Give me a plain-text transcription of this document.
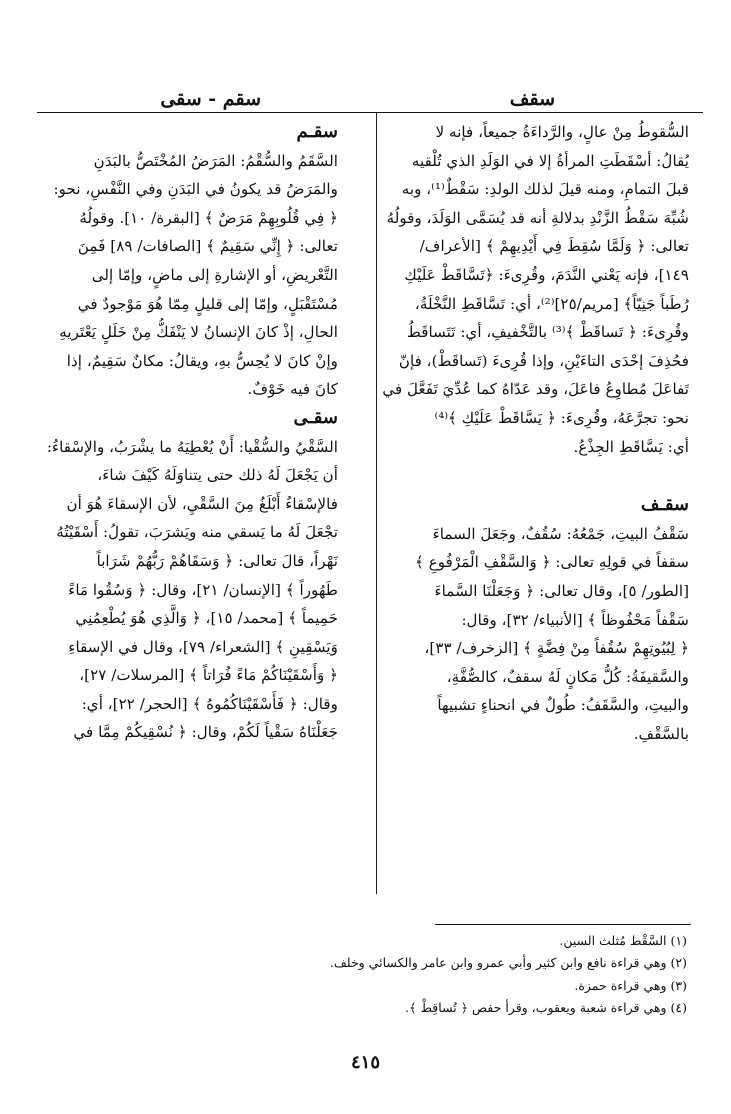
سقف
سقم - سقى
السُّقوطُ مِنْ عالٍ، والرَّداءَةُ جميعاً، فإنه لا
يُقالُ: أسْقَطَتِ المرأةُ إلا في الوَلَدِ الذي تُلْقيه
قبلَ التمامِ، ومنه قيلَ لذلك الولدِ: سَقْطٌ⁽¹⁾، وبه
شُبِّهَ سَقْطُ الزَّنْدِ بدلالةِ أنه قد يُسَمَّى الوَلَدَ، وقولُهُ
تعالى: ﴿ وَلَمَّا سُقِطَ فِي أَيْدِيهِمْ ﴾ [الأعراف/
١٤٩]، فإنه يَعْني النَّدَمَ، وقُرِىءَ: ﴿تَسَّاقَطْ عَلَيْكِ
رُطَباً جَنِيّاً﴾ [مريم/٢٥]⁽²⁾، أي: تَسَّاقَطِ النَّخْلَةُ،
وقُرِىءَ: ﴿ تَساقَطْ ﴾⁽³⁾ بالتَّخْفيفِ، أي: تَتَساقَطُ
فحُذِفَ إحْدَى التاءَيْنِ، وإذا قُرِىءَ (تَساقَطْ)، فإنّ
تَفاعَلَ مُطاوِعُ فاعَلَ، وقد عَدّاهُ كما عُدِّيَ تَفَعَّلَ في
نحو: تجرَّعَهُ، وقُرِىءَ: ﴿ يَسَّاقَطْ عَلَيْكِ ﴾⁽⁴⁾
أي: يَسَّاقَطِ الجِذْعُ.
سقـف
سَقْفُ البيتِ، جَمْعُهُ: سُقُفٌ، وجَعَلَ السماءَ
سقفاً في قولِهِ تعالى: ﴿ وَالسَّقْفِ الْمَرْفُوعِ ﴾
[الطور/ ٥]، وقال تعالى: ﴿ وَجَعَلْنَا السَّماءَ
سَقْفاً مَحْفُوظاً ﴾ [الأنبياء/ ٣٢]، وقال:
﴿ لِبُيُوتِهِمْ سُقُفاً مِنْ فِضَّةٍ ﴾ [الزخرف/ ٣٣]،
والسَّقيفَةُ: كُلُّ مَكانٍ لَهُ سقفٌ، كالصُّفَّةِ،
والبيتِ، والسَّقَفُ: طُولٌ في انحناءٍ تشبيهاً
بالسَّقْفِ.
سقـم
السَّقَمُ والسُّقْمُ: المَرَضُ المُخْتَصُّ بالبَدَنِ
والمَرَضُ قد يكونُ في البَدَنِ وفي النَّفْسِ، نحو:
﴿ فِي قُلُوبِهِمْ مَرَضٌ ﴾ [البقرة/ ١٠]. وقولُهُ
تعالى: ﴿ إِنِّي سَقِيمٌ ﴾ [الصافات/ ٨٩] فَمِنَ
التَّعْريضِ، أو الإشارةِ إلى ماضٍ، وإمّا إلى
مُسْتَقْبَلٍ، وإمّا إلى قليلٍ مِمّا هُوَ مَوْجودٌ في
الحالِ، إذْ كانَ الإنسانُ لا يَنْفَكُّ مِنْ خَلَلٍ يَعْتَريهِ
وإنْ كانَ لا يُحِسُّ بهِ، ويقالُ: مكانٌ سَقِيمٌ، إذا
كانَ فيه خَوْفٌ.
سقـى
السَّقْيُ والسُّقْيا: أَنْ يُعْطِيَهُ ما يشْرَبُ، والإسْقاءُ:
أن يَجْعَلَ لَهُ ذلك حتى يتناوَلَهُ كَيْفَ شاءَ،
فالإسْقاءُ أَبْلَغُ مِنَ السَّقْيِ، لأن الإسقاءَ هُوَ أن
تجْعَلَ لَهُ ما يَسقي منه ويَشرَبَ، تقولُ: أَسْقَيْتُهُ
نَهْراً، قالَ تعالى: ﴿ وَسَقَاهُمْ رَبُّهُمْ شَرَاباً
طَهُوراً ﴾ [الإنسان/ ٢١]، وقال: ﴿ وَسُقُوا مَاءً
حَمِيماً ﴾ [محمد/ ١٥]، ﴿ وَالَّذِي هُوَ يُطْعِمُنِي
وَيَسْقِينِ ﴾ [الشعراء/ ٧٩]، وقال في الإسقاءِ
﴿ وَأَسْقَيْنَاكُمْ مَاءً فُرَاتاً ﴾ [المرسلات/ ٢٧]،
وقال: ﴿ فَأَسْقَيْنَاكُمُوهُ ﴾ [الحجر/ ٢٢]، أي:
جَعَلْنَاهُ سَقْياً لَكُمْ، وقال: ﴿ نُسْقِيكُمْ مِمَّا في
(١) السَّقْط مُثلث السين.
(٢) وهي قراءة نافع وابن كثير وأبي عمرو وابن عامر والكسائي وخلف.
(٣) وهي قراءة حمزة.
(٤) وهي قراءة شعبة ويعقوب، وقرأ حفص ﴿ تُساقِطْ ﴾.
٤١٥
